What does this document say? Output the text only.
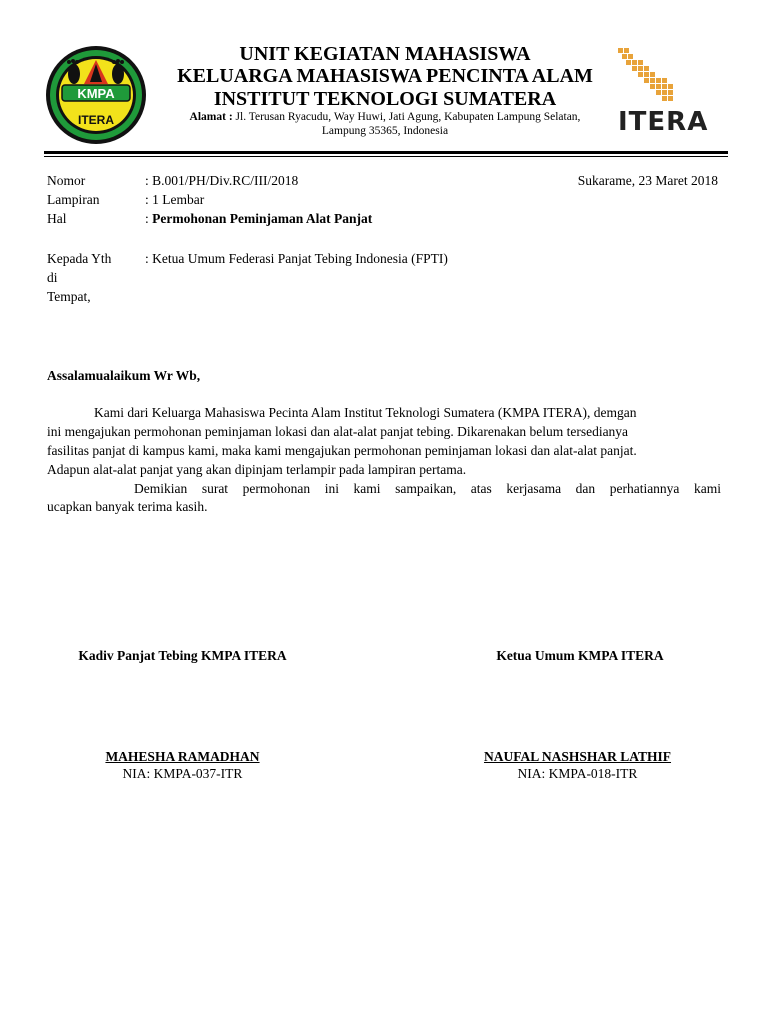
KMPA
ITERA
UNIT KEGIATAN MAHASISWA
KELUARGA MAHASISWA PENCINTA ALAM
INSTITUT TEKNOLOGI SUMATERA
Alamat : Jl. Terusan Ryacudu, Way Huwi, Jati Agung, Kabupaten Lampung Selatan,
Lampung 35365, Indonesia	ITERA
Nomor	: B.001/PH/Div.RC/III/2018	Sukarame, 23 Maret 2018
Lampiran	: 1 Lembar
Hal	: Permohonan Peminjaman Alat Panjat
Kepada Yth : Ketua Umum Federasi Panjat Tebing Indonesia (FPTI)
di
Tempat,
Assalamualaikum Wr Wb,
Kami dari Keluarga Mahasiswa Pecinta Alam Institut Teknologi Sumatera (KMPA ITERA), demgan
ini mengajukan permohonan peminjaman lokasi dan alat-alat panjat tebing. Dikarenakan belum tersedianya
fasilitas panjat di kampus kami, maka kami mengajukan permohonan peminjaman lokasi dan alat-alat panjat.
Adapun alat-alat panjat yang akan dipinjam terlampir pada lampiran pertama.
Demikian surat permohonan ini kami sampaikan, atas kerjasama dan perhatiannya kami
ucapkan banyak terima kasih.
Kadiv Panjat Tebing KMPA ITERA	Ketua Umum KMPA ITERA
MAHESHA RAMADHAN	NAUFAL NASHSHAR LATHIF
NIA: KMPA-037-ITR	NIA: KMPA-018-ITR
